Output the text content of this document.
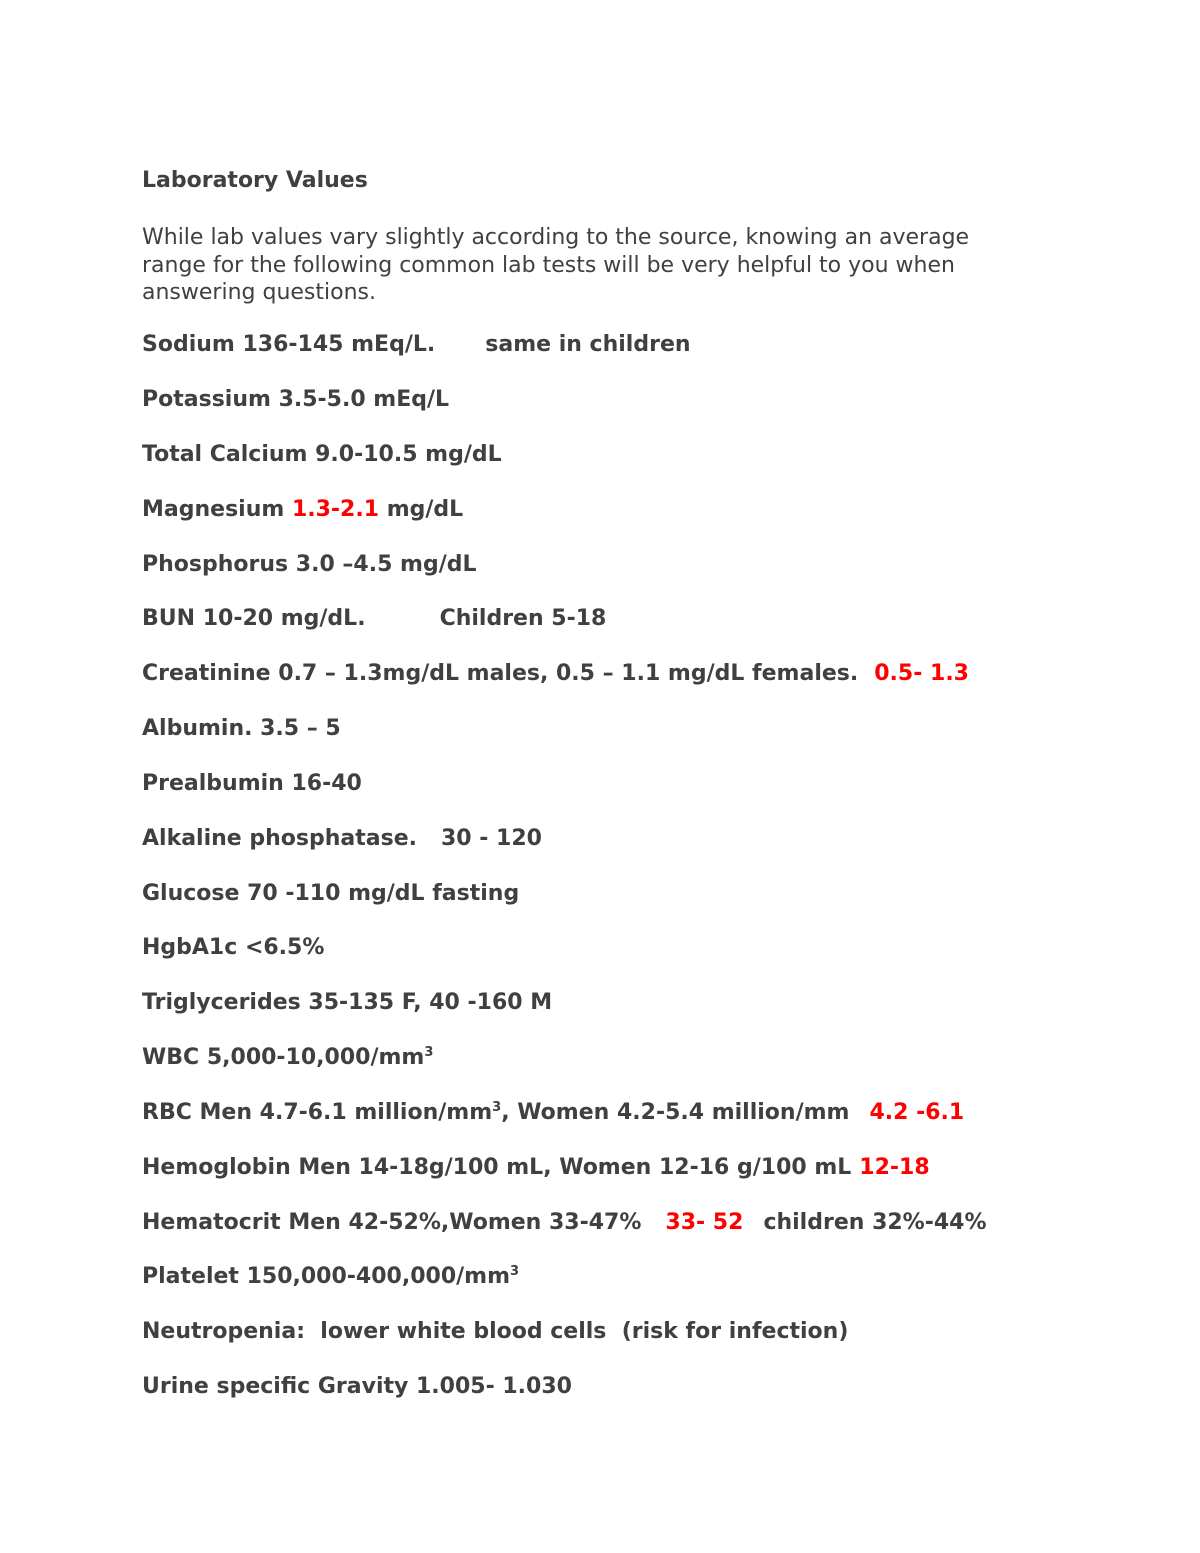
Laboratory Values
While lab values vary slightly according to the source, knowing an average
range for the following common lab tests will be very helpful to you when
answering questions.
Sodium 136-145 mEq/L. same in children
Potassium 3.5-5.0 mEq/L
Total Calcium 9.0-10.5 mg/dL
Magnesium 1.3-2.1 mg/dL
Phosphorus 3.0 –4.5 mg/dL
BUN 10-20 mg/dL.	Children 5-18
Creatinine 0.7 – 1.3mg/dL males, 0.5 – 1.1 mg/dL females. 0.5- 1.3
Albumin. 3.5 – 5
Prealbumin 16-40
Alkaline phosphatase. 30 - 120
Glucose 70 -110 mg/dL fasting
HgbA1c <6.5%
Triglycerides 35-135 F, 40 -160 M
WBC $5,000-10,000/mm^3$
RBC Men 4.7-6.1 million/$mm^3$, Women 4.2-5.4 million/mm 4.2 -6.1
Hemoglobin Men 14-18g/100 mL, Women 12-16 g/100 mL 12-18
Hematocrit Men 42-52%,Women 33-47% 33- 52 children 32%-44%
Platelet $150,000-400,000/mm^3$
Neutropenia:  lower white blood cells  (risk for infection)
Urine specific Gravity 1.005- 1.030
